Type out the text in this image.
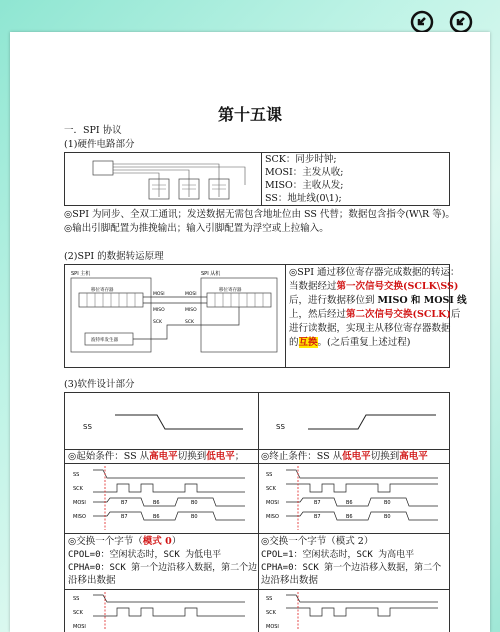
第十五课
一．SPI 协议
(1)硬件电路部分
SCK：同步时钟;
MOSI：主发从收;
MISO：主收从发;
SS：地址线(0\1);
◎SPI 为同步、全双工通讯；发送数据无需包含地址位由 SS 代替；数据包含指令(W\R 等)。
◎输出引脚配置为推挽输出；输入引脚配置为浮空或上拉输入。
(2)SPI 的数据转运原理
SPI 主机	SPI 从机
移位寄存器	移位寄存器
波特率发生器
MOSI
MISO
SCK
MOSI
MISO
SCK
◎SPI 通过移位寄存器完成数据的转运：
当数据经过第一次信号交换(SCLK\SS)
后，进行数据移位到 MISO 和 MOSI 线
上，然后经过第二次信号交换(SCLK)后
进行读数据，实现主从移位寄存器数据
的互换。(之后重复上述过程)
(3)软件设计部分
SS	SS
◎起始条件：SS 从高电平切换到低电平； ◎终止条件：SS 从低电平切换到高电平
SS
SCK
MOSI
MISO
B7	B6	B0
B7	B6	B0
SS
SCK
MOSI
MISO
B7	B6	B0
B7	B6	B0
◎交换一个字节（模式 0）
CPOL=0：空闲状态时，SCK 为低电平
CPHA=0：SCK 第一个边沿移入数据，第二个边
沿移出数据
◎交换一个字节（模式 2）
CPOL=1：空闲状态时，SCK 为高电平
CPHA=0：SCK 第一个边沿移入数据，第二个
边沿移出数据
SS
SCK
MOSI
SS
SCK
MOSI
